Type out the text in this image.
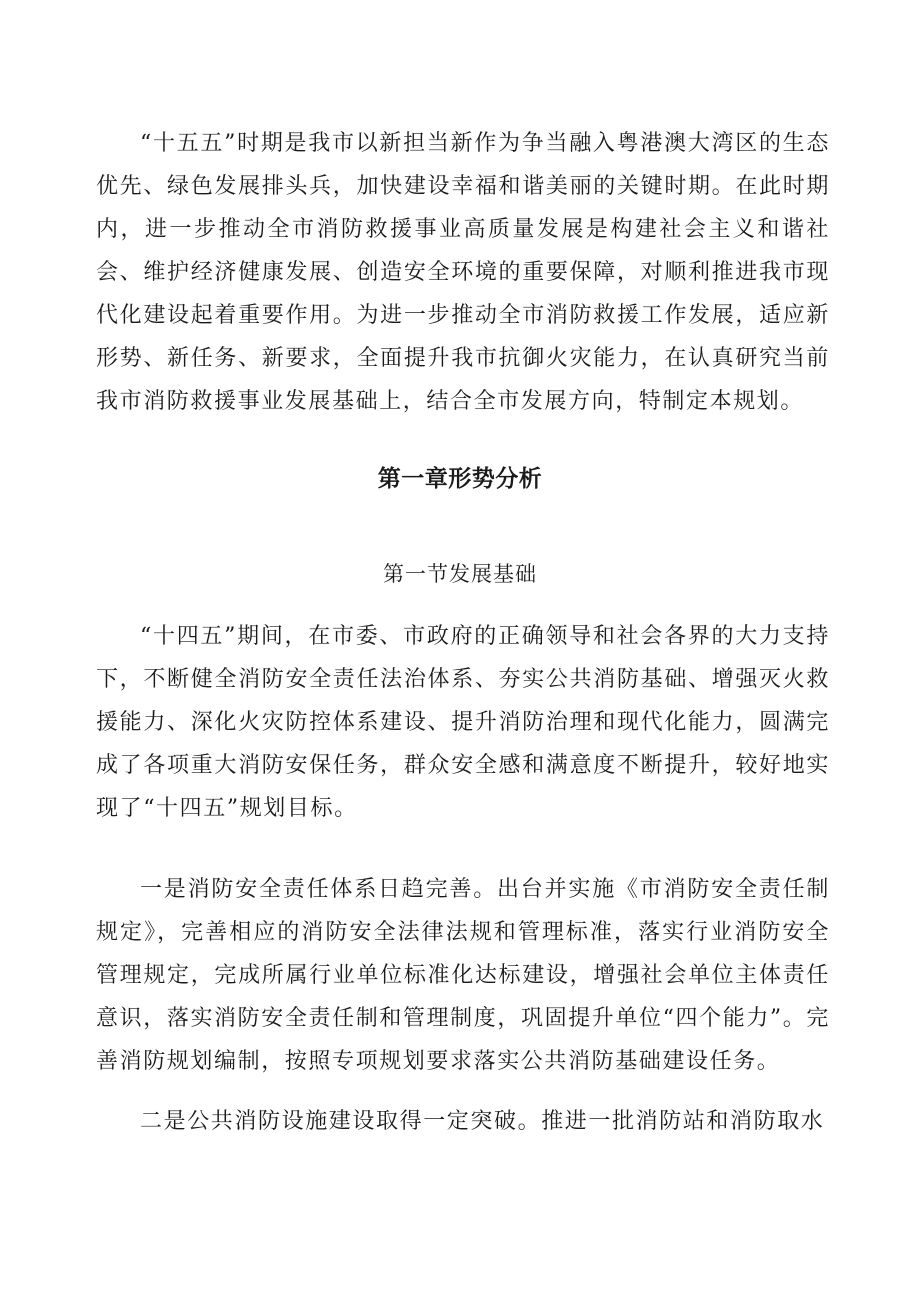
“十五五”时期是我市以新担当新作为争当融入粤港澳大湾区的生态优先、绿色发展排头兵，加快建设幸福和谐美丽的关键时期。在此时期内，进一步推动全市消防救援事业高质量发展是构建社会主义和谐社会、维护经济健康发展、创造安全环境的重要保障，对顺利推进我市现代化建设起着重要作用。为进一步推动全市消防救援工作发展，适应新形势、新任务、新要求，全面提升我市抗御火灾能力，在认真研究当前我市消防救援事业发展基础上，结合全市发展方向，特制定本规划。

第一章形势分析
第一节发展基础

“十四五”期间，在市委、市政府的正确领导和社会各界的大力支持下，不断健全消防安全责任法治体系、夯实公共消防基础、增强灭火救援能力、深化火灾防控体系建设、提升消防治理和现代化能力，圆满完成了各项重大消防安保任务，群众安全感和满意度不断提升，较好地实现了“十四五”规划目标。

一是消防安全责任体系日趋完善。出台并实施《市消防安全责任制规定》，完善相应的消防安全法律法规和管理标准，落实行业消防安全管理规定，完成所属行业单位标准化达标建设，增强社会单位主体责任意识，落实消防安全责任制和管理制度，巩固提升单位“四个能力”。完善消防规划编制，按照专项规划要求落实公共消防基础建设任务。

二是公共消防设施建设取得一定突破。推进一批消防站和消防取水
